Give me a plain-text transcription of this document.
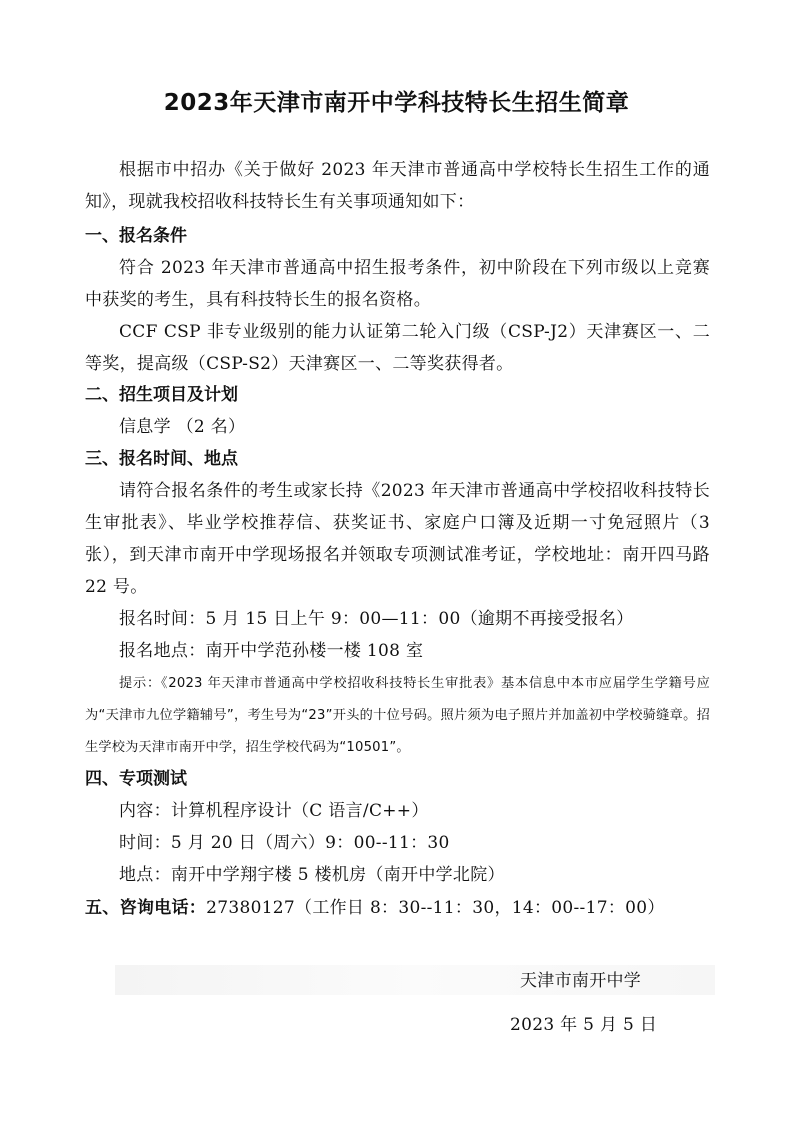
2023年天津市南开中学科技特长生招生简章
根据市中招办《关于做好 2023 年天津市普通高中学校特长生招生工作的通知》，现就我校招收科技特长生有关事项通知如下：
一、报名条件
符合 2023 年天津市普通高中招生报考条件，初中阶段在下列市级以上竞赛中获奖的考生，具有科技特长生的报名资格。
CCF CSP 非专业级别的能力认证第二轮入门级（CSP-J2）天津赛区一、二等奖，提高级（CSP-S2）天津赛区一、二等奖获得者。
二、招生项目及计划
信息学 （2 名）
三、报名时间、地点
请符合报名条件的考生或家长持《2023 年天津市普通高中学校招收科技特长生审批表》、毕业学校推荐信、获奖证书、家庭户口簿及近期一寸免冠照片（3 张），到天津市南开中学现场报名并领取专项测试准考证，学校地址：南开四马路 22 号。
报名时间：5 月 15 日上午 9：00—11：00（逾期不再接受报名）
报名地点：南开中学范孙楼一楼 108 室
提示：《2023 年天津市普通高中学校招收科技特长生审批表》基本信息中本市应届学生学籍号应为“天津市九位学籍辅号”，考生号为“23”开头的十位号码。照片须为电子照片并加盖初中学校骑缝章。招生学校为天津市南开中学，招生学校代码为“10501”。
四、专项测试
内容：计算机程序设计（C 语言/C++）
时间：5 月 20 日（周六）9：00--11：30
地点：南开中学翔宇楼 5 楼机房（南开中学北院）
五、咨询电话：27380127（工作日 8：30--11：30，14：00--17：00）
天津市南开中学
2023 年 5 月 5 日
